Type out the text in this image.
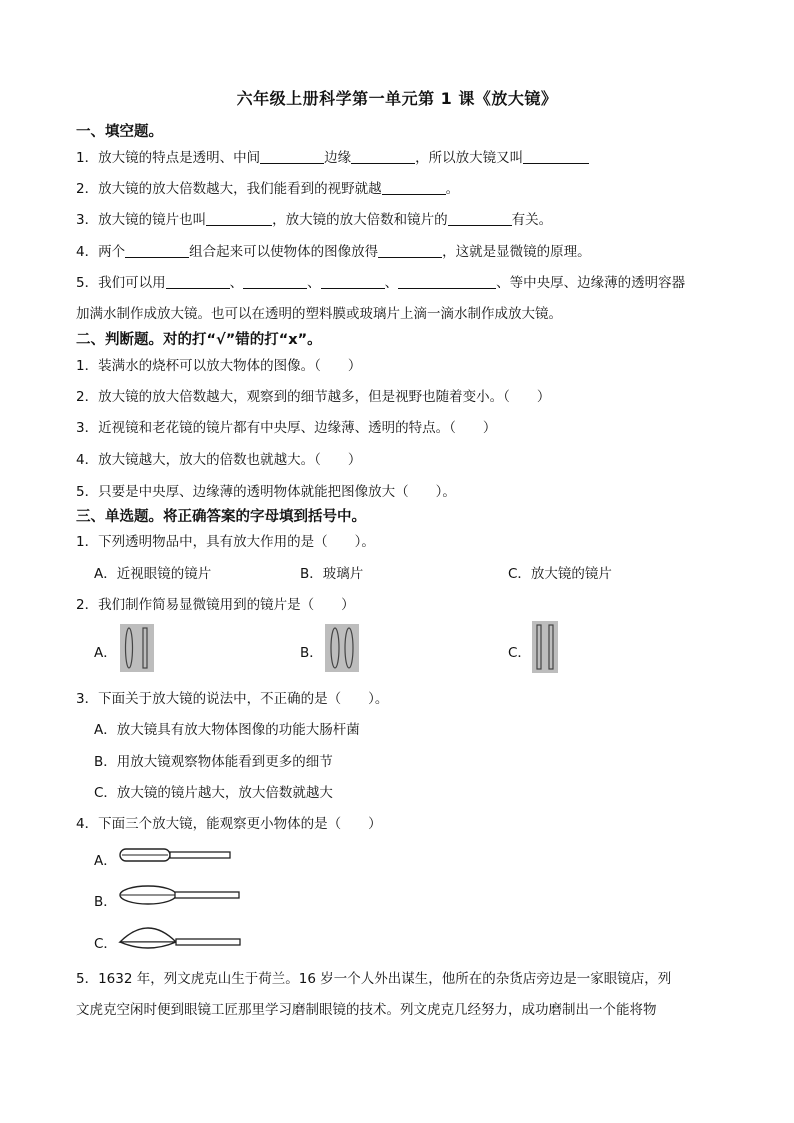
六年级上册科学第一单元第 1 课《放大镜》
一、填空题。
1．放大镜的特点是透明、中间	边缘	，所以放大镜又叫
2．放大镜的放大倍数越大，我们能看到的视野就越	。
3．放大镜的镜片也叫	，放大镜的放大倍数和镜片的	有关。
4．两个	组合起来可以使物体的图像放得	，这就是显微镜的原理。
5．我们可以用	、	、	、	、等中央厚、边缘薄的透明容器
加满水制作成放大镜。也可以在透明的塑料膜或玻璃片上滴一滴水制作成放大镜。
二、判断题。对的打“√”错的打“x”。
1．装满水的烧杯可以放大物体的图像。（　　）
2．放大镜的放大倍数越大，观察到的细节越多，但是视野也随着变小。（　　）
3．近视镜和老花镜的镜片都有中央厚、边缘薄、透明的特点。（　　）
4．放大镜越大，放大的倍数也就越大。（　　）
5．只要是中央厚、边缘薄的透明物体就能把图像放大（　　）。
三、单选题。将正确答案的字母填到括号中。
1．下列透明物品中，具有放大作用的是（　　）。
A．近视眼镜的镜片	B．玻璃片	C．放大镜的镜片
2．我们制作简易显微镜用到的镜片是（　　）
A．	B．	C．
3．下面关于放大镜的说法中，不正确的是（　　）。
A．放大镜具有放大物体图像的功能大肠杆菌
B．用放大镜观察物体能看到更多的细节
C．放大镜的镜片越大，放大倍数就越大
4．下面三个放大镜，能观察更小物体的是（　　）
A．
B．
C．
5．1632 年，列文虎克山生于荷兰。16 岁一个人外出谋生，他所在的杂货店旁边是一家眼镜店，列
文虎克空闲时便到眼镜工匠那里学习磨制眼镜的技术。列文虎克几经努力，成功磨制出一个能将物
